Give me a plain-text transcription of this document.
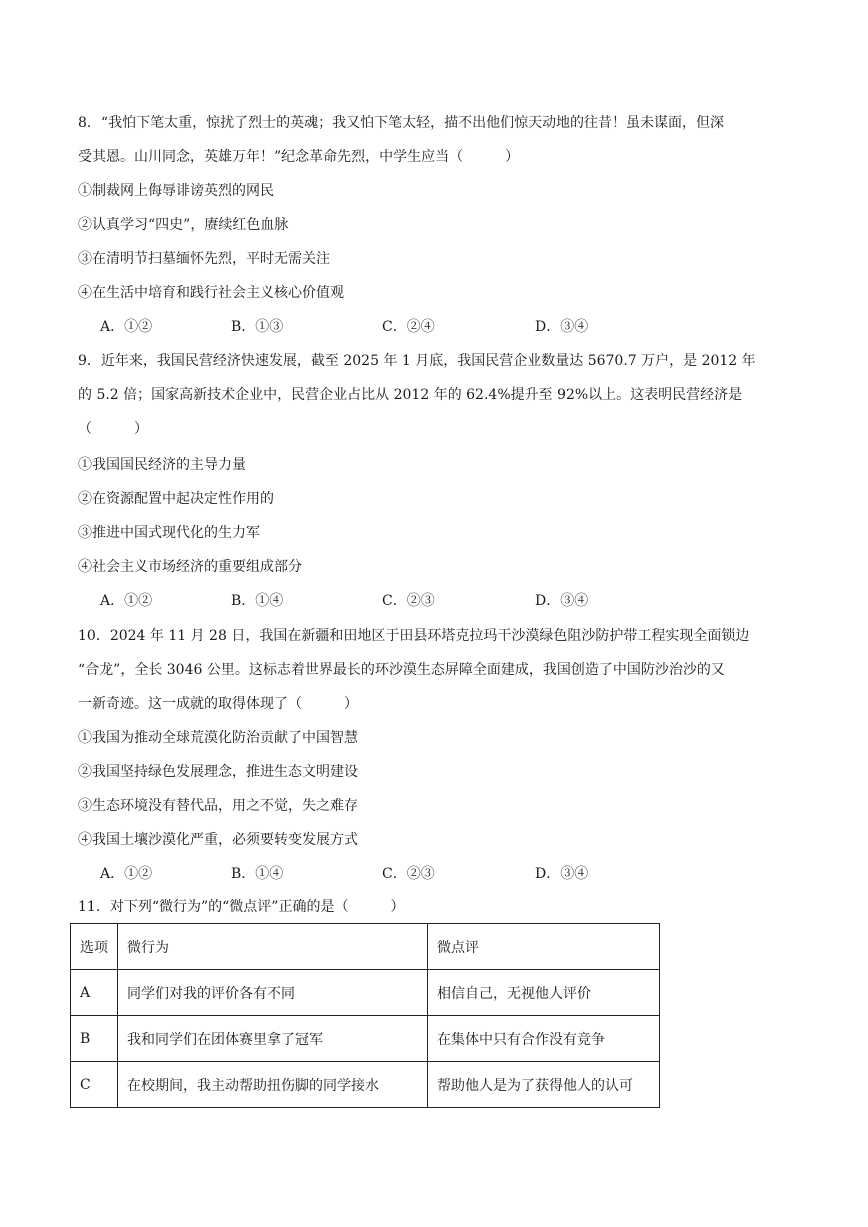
8．“我怕下笔太重，惊扰了烈士的英魂；我又怕下笔太轻，描不出他们惊天动地的往昔！虽未谋面，但深
受其恩。山川同念，英雄万年！”纪念革命先烈，中学生应当（　　　）
①制裁网上侮辱诽谤英烈的网民
②认真学习“四史”，赓续红色血脉
③在清明节扫墓缅怀先烈，平时无需关注
④在生活中培育和践行社会主义核心价值观
A．①②	B．①③	C．②④	D．③④
9．近年来，我国民营经济快速发展，截至 2025 年 1 月底，我国民营企业数量达 5670.7 万户，是 2012 年
的 5.2 倍；国家高新技术企业中，民营企业占比从 2012 年的 62.4%提升至 92%以上。这表明民营经济是
（　　　）
①我国国民经济的主导力量
②在资源配置中起决定性作用的
③推进中国式现代化的生力军
④社会主义市场经济的重要组成部分
A．①②	B．①④	C．②③	D．③④
10．2024 年 11 月 28 日，我国在新疆和田地区于田县环塔克拉玛干沙漠绿色阻沙防护带工程实现全面锁边
“合龙”，全长 3046 公里。这标志着世界最长的环沙漠生态屏障全面建成，我国创造了中国防沙治沙的又
一新奇迹。这一成就的取得体现了（　　　）
①我国为推动全球荒漠化防治贡献了中国智慧
②我国坚持绿色发展理念，推进生态文明建设
③生态环境没有替代品，用之不觉，失之难存
④我国土壤沙漠化严重，必须要转变发展方式
A．①②	B．①④	C．②③	D．③④
11．对下列“微行为”的“微点评”正确的是（　　　）
选项	微行为	微点评
A	同学们对我的评价各有不同	相信自己，无视他人评价
B	我和同学们在团体赛里拿了冠军	在集体中只有合作没有竞争
C	在校期间，我主动帮助扭伤脚的同学接水	帮助他人是为了获得他人的认可
